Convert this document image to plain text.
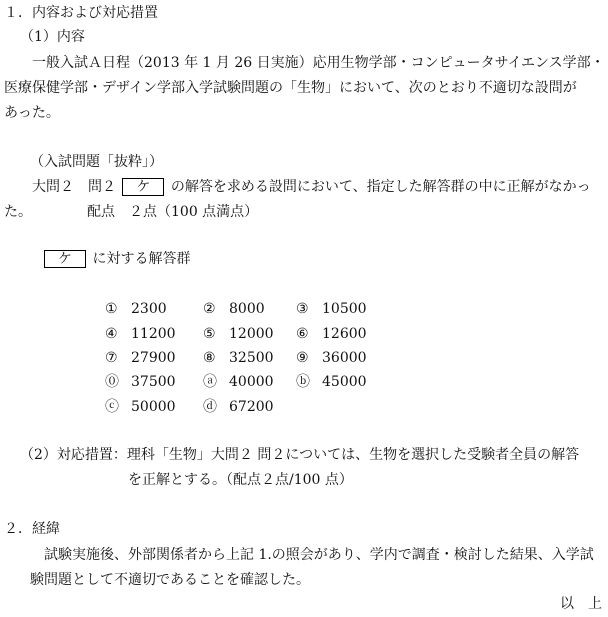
１．内容および対応措置
（1）内容
一般入試Ａ日程（2013 年 1 月 26 日実施）応用生物学部・コンピュータサイエンス学部・
医療保健学部・デザイン学部入学試験問題の「生物」において、次のとおり不適切な設問が
あった。
（入試問題「抜粋」）
大問２　問２ ケ の解答を求める設問において、指定した解答群の中に正解がなかっ
た。	配点　２点（100 点満点）
ケ に対する解答群
① 2300	② 8000 ③ 10500
④ 11200 ⑤ 12000 ⑥ 12600
⑦ 27900 ⑧ 32500 ⑨ 36000
⓪ 37500 ⓐ 40000 ⓑ 45000
ⓒ 50000 ⓓ 67200
（2）対応措置：理科「生物」大問２ 問２については、生物を選択した受験者全員の解答
を正解とする。（配点２点/100 点）
２．経緯
試験実施後、外部関係者から上記 1.の照会があり、学内で調査・検討した結果、入学試
験問題として不適切であることを確認した。
以　上
